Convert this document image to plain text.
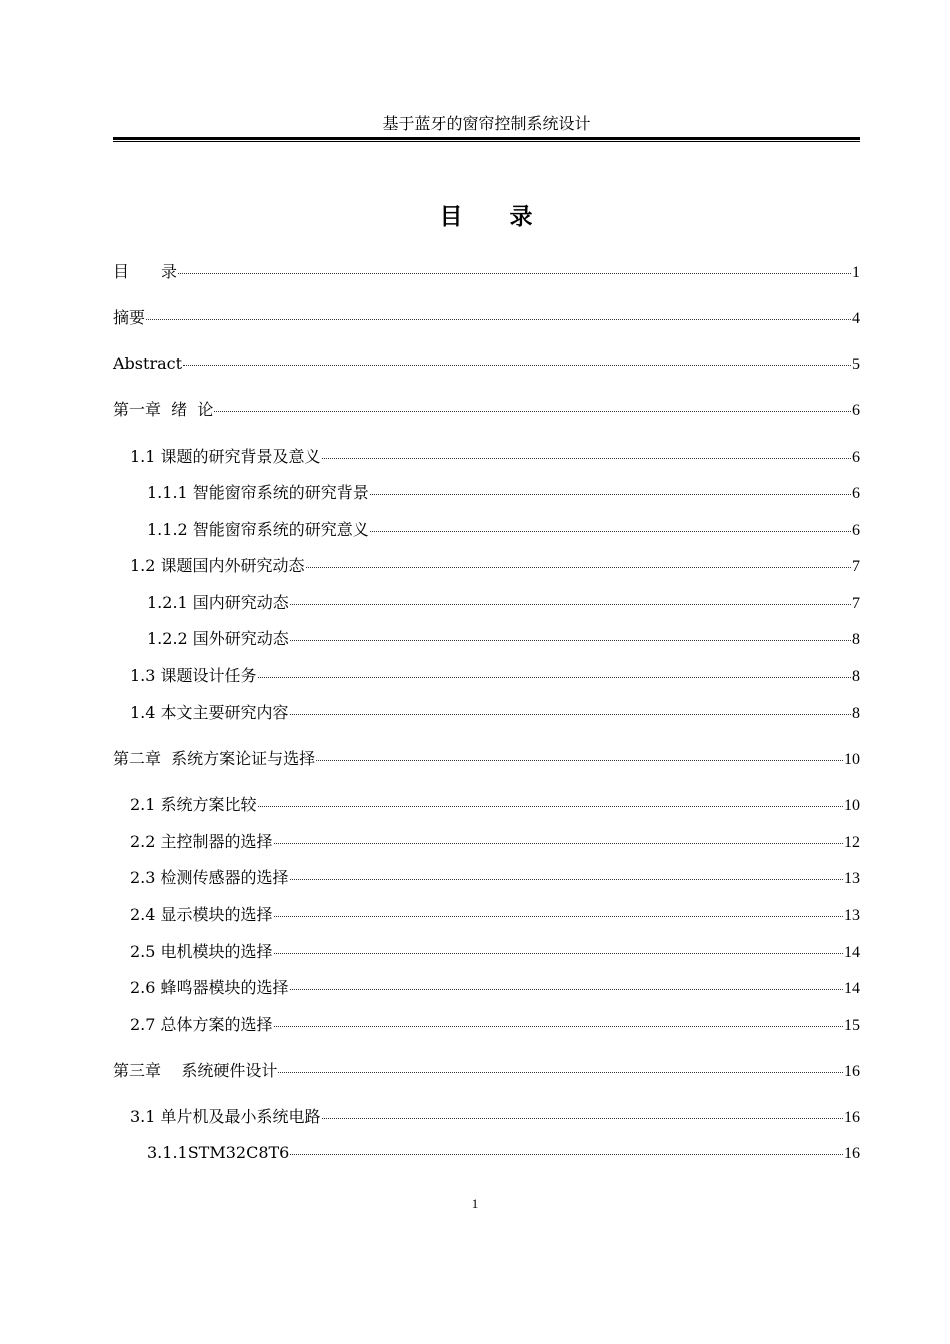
基于蓝牙的窗帘控制系统设计
目 录
目　　录	1
摘要	4
Abstract	5
第一章  绪  论	6
1.1 课题的研究背景及意义	6
1.1.1 智能窗帘系统的研究背景	6
1.1.2 智能窗帘系统的研究意义	6
1.2 课题国内外研究动态	7
1.2.1 国内研究动态	7
1.2.2 国外研究动态	8
1.3 课题设计任务	8
1.4 本文主要研究内容	8
第二章  系统方案论证与选择	10
2.1 系统方案比较	10
2.2 主控制器的选择	12
2.3 检测传感器的选择	13
2.4 显示模块的选择	13
2.5 电机模块的选择	14
2.6 蜂鸣器模块的选择	14
2.7 总体方案的选择	15
第三章    系统硬件设计	16
3.1 单片机及最小系统电路	16
3.1.1STM32C8T6	16
1
